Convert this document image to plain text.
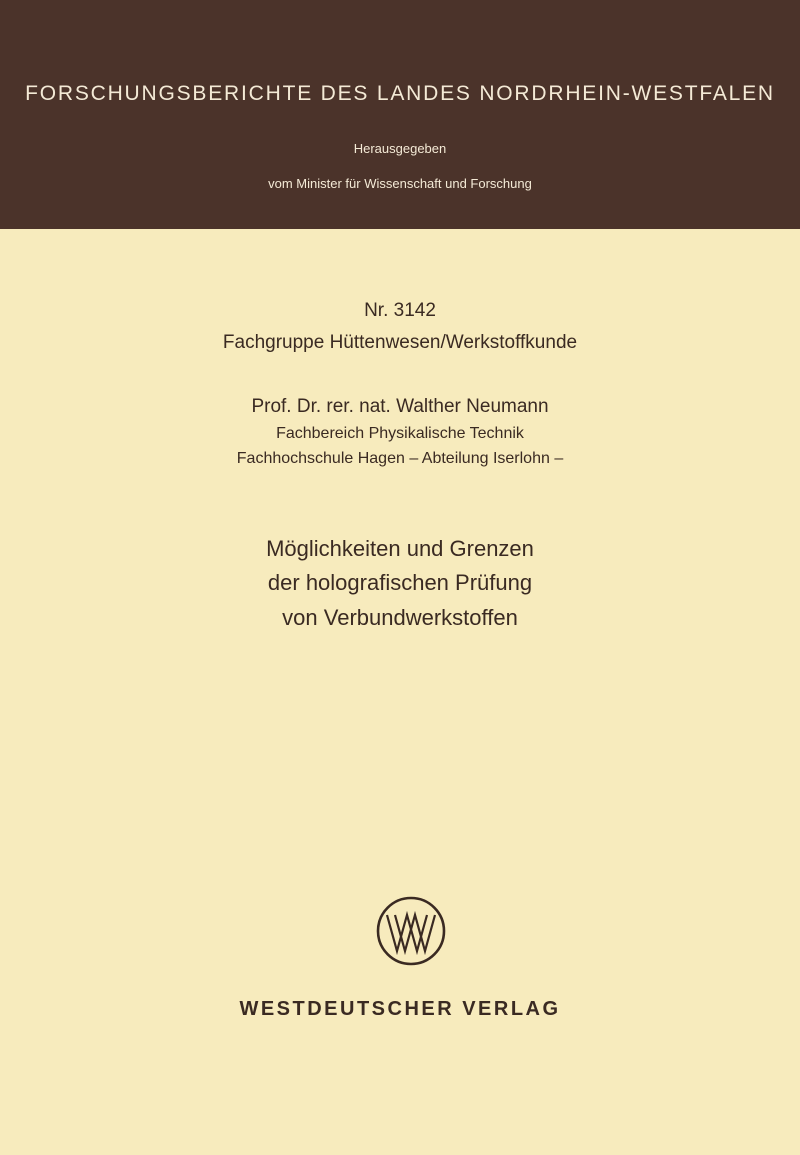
FORSCHUNGSBERICHTE DES LANDES NORDRHEIN-WESTFALEN
Herausgegeben
vom Minister für Wissenschaft und Forschung
Nr. 3142
Fachgruppe Hüttenwesen/Werkstoffkunde
Prof. Dr. rer. nat. Walther Neumann
Fachbereich Physikalische Technik
Fachhochschule Hagen – Abteilung Iserlohn –
Möglichkeiten und Grenzen
der holografischen Prüfung
von Verbundwerkstoffen
WESTDEUTSCHER VERLAG
